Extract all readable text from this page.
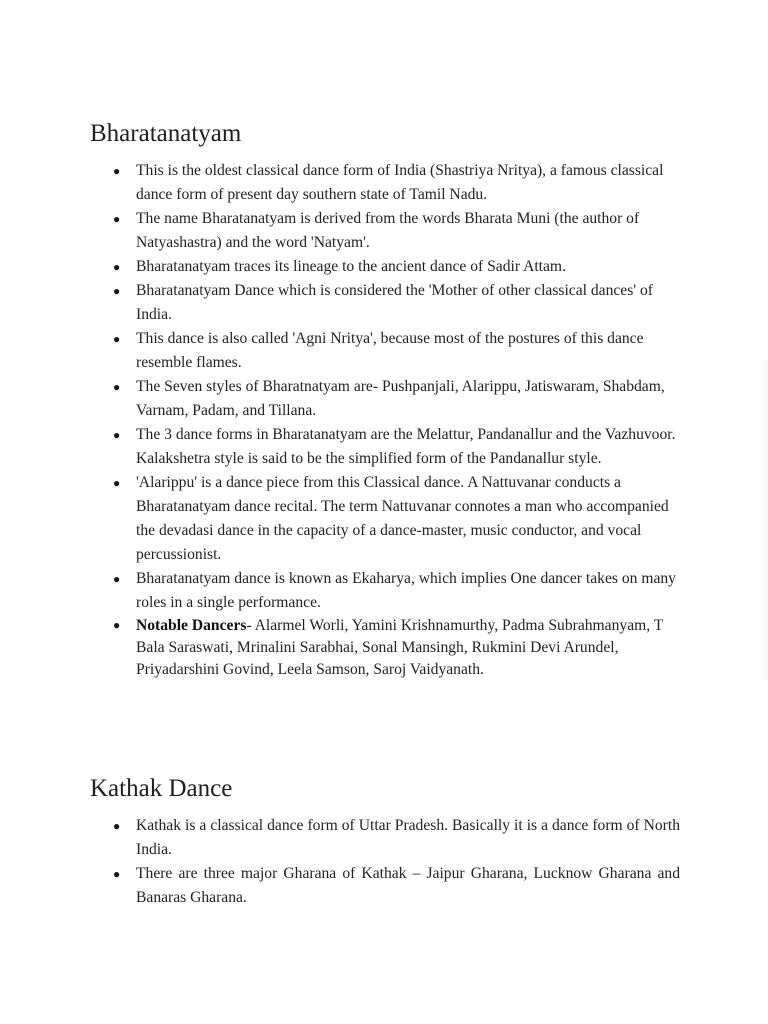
Bharatanatyam
● This is the oldest classical dance form of India (Shastriya Nritya), a famous classical dance form of present day southern state of Tamil Nadu.
● The name Bharatanatyam is derived from the words Bharata Muni (the author of Natyashastra) and the word 'Natyam'.
● Bharatanatyam traces its lineage to the ancient dance of Sadir Attam.
● Bharatanatyam Dance which is considered the 'Mother of other classical dances' of India.
● This dance is also called 'Agni Nritya', because most of the postures of this dance resemble flames.
● The Seven styles of Bharatnatyam are- Pushpanjali, Alarippu, Jatiswaram, Shabdam, Varnam, Padam, and Tillana.
● The 3 dance forms in Bharatanatyam are the Melattur, Pandanallur and the Vazhuvoor. Kalakshetra style is said to be the simplified form of the Pandanallur style.
● 'Alarippu' is a dance piece from this Classical dance. A Nattuvanar conducts a Bharatanatyam dance recital. The term Nattuvanar connotes a man who accompanied the devadasi dance in the capacity of a dance-master, music conductor, and vocal percussionist.
● Bharatanatyam dance is known as Ekaharya, which implies One dancer takes on many roles in a single performance.
● Notable Dancers- Alarmel Worli, Yamini Krishnamurthy, Padma Subrahmanyam, T Bala Saraswati, Mrinalini Sarabhai, Sonal Mansingh, Rukmini Devi Arundel, Priyadarshini Govind, Leela Samson, Saroj Vaidyanath.
Kathak Dance
● Kathak is a classical dance form of Uttar Pradesh. Basically it is a dance form of North India.
● There are three major Gharana of Kathak – Jaipur Gharana, Lucknow Gharana and Banaras Gharana.
